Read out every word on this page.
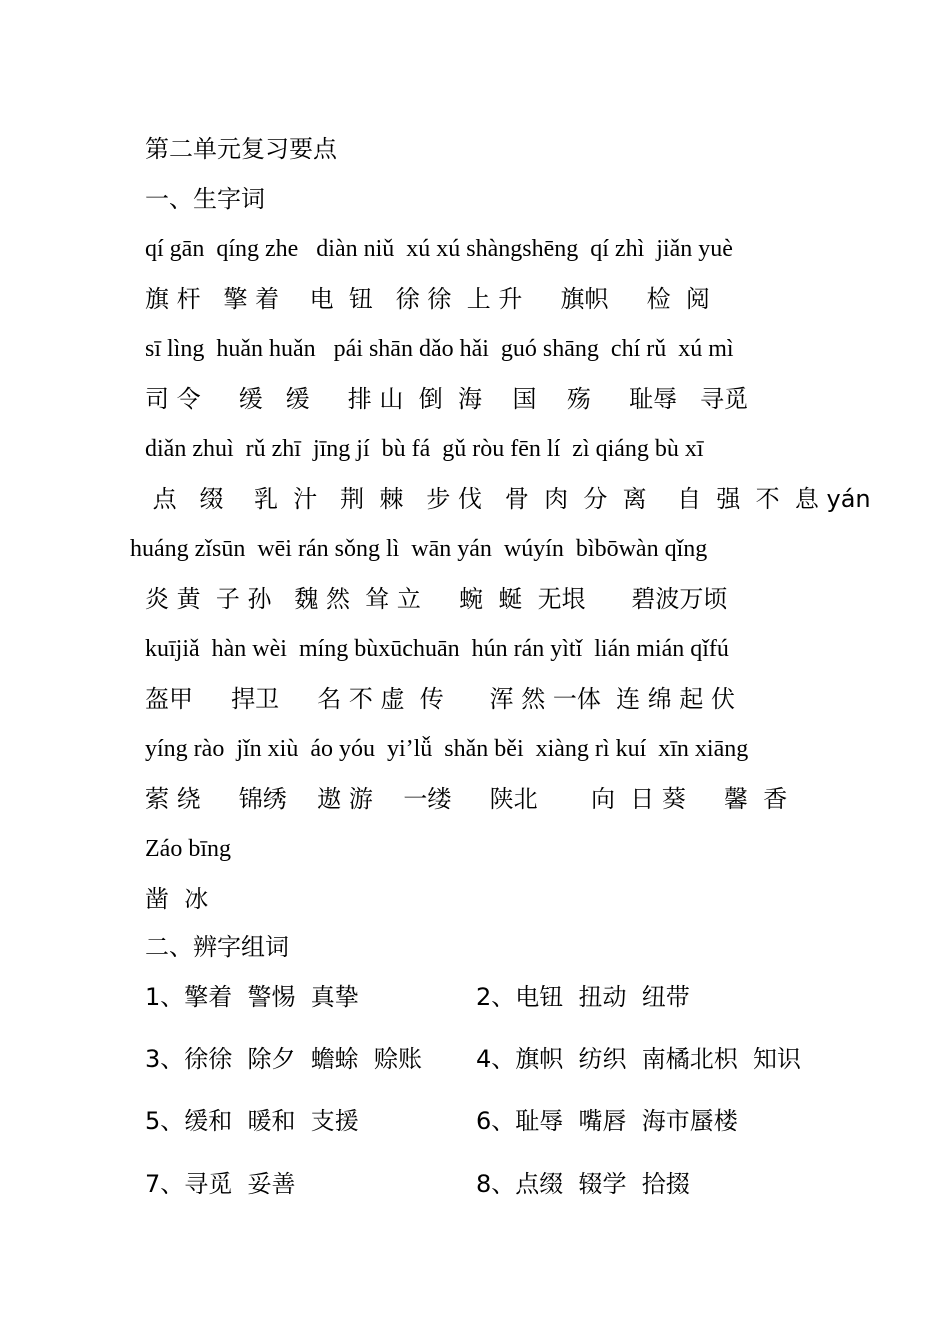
第二单元复习要点
一、生字词
qí gān  qíng zhe   diàn niǔ  xú xú shàngshēng  qí zhì  jiǎn yuè
旗 杆   擎 着    电  钮   徐 徐  上 升     旗帜     检  阅
sī lìng  huǎn huǎn   pái shān dǎo hǎi  guó shāng  chí rǔ  xú mì
司 令     缓   缓     排 山  倒  海    国    殇     耻辱   寻觅
diǎn zhuì  rǔ zhī  jīng jí  bù fá  gǔ ròu fēn lí  zì qiáng bù xī
点   缀    乳  汁   荆  棘   步 伐   骨  肉  分  离    自  强  不  息 yán
huáng zǐsūn  wēi rán sǒng lì  wān yán  wúyín  bìbōwàn qǐng
炎 黄  子 孙   魏 然  耸 立     蜿  蜒  无垠      碧波万顷
kuījiǎ  hàn wèi  míng bùxūchuān  hún rán yìtǐ  lián mián qǐfú
盔甲     捍卫     名 不 虚  传      浑 然 一体  连 绵 起 伏
yíng rào  jǐn xiù  áo yóu  yi’lǚ  shǎn běi  xiàng rì kuí  xīn xiāng
萦 绕     锦绣    遨 游    一缕     陕北       向  日 葵     馨  香
Záo bīng
凿  冰
二、辨字组词
1、擎着  警惕  真挚	2、电钮  扭动  纽带
3、徐徐  除夕  蟾蜍  赊账 4、旗帜  纺织  南橘北枳  知识
5、缓和  暖和  支援	6、耻辱  嘴唇  海市蜃楼
7、寻觅  妥善	8、点缀  辍学  拾掇
